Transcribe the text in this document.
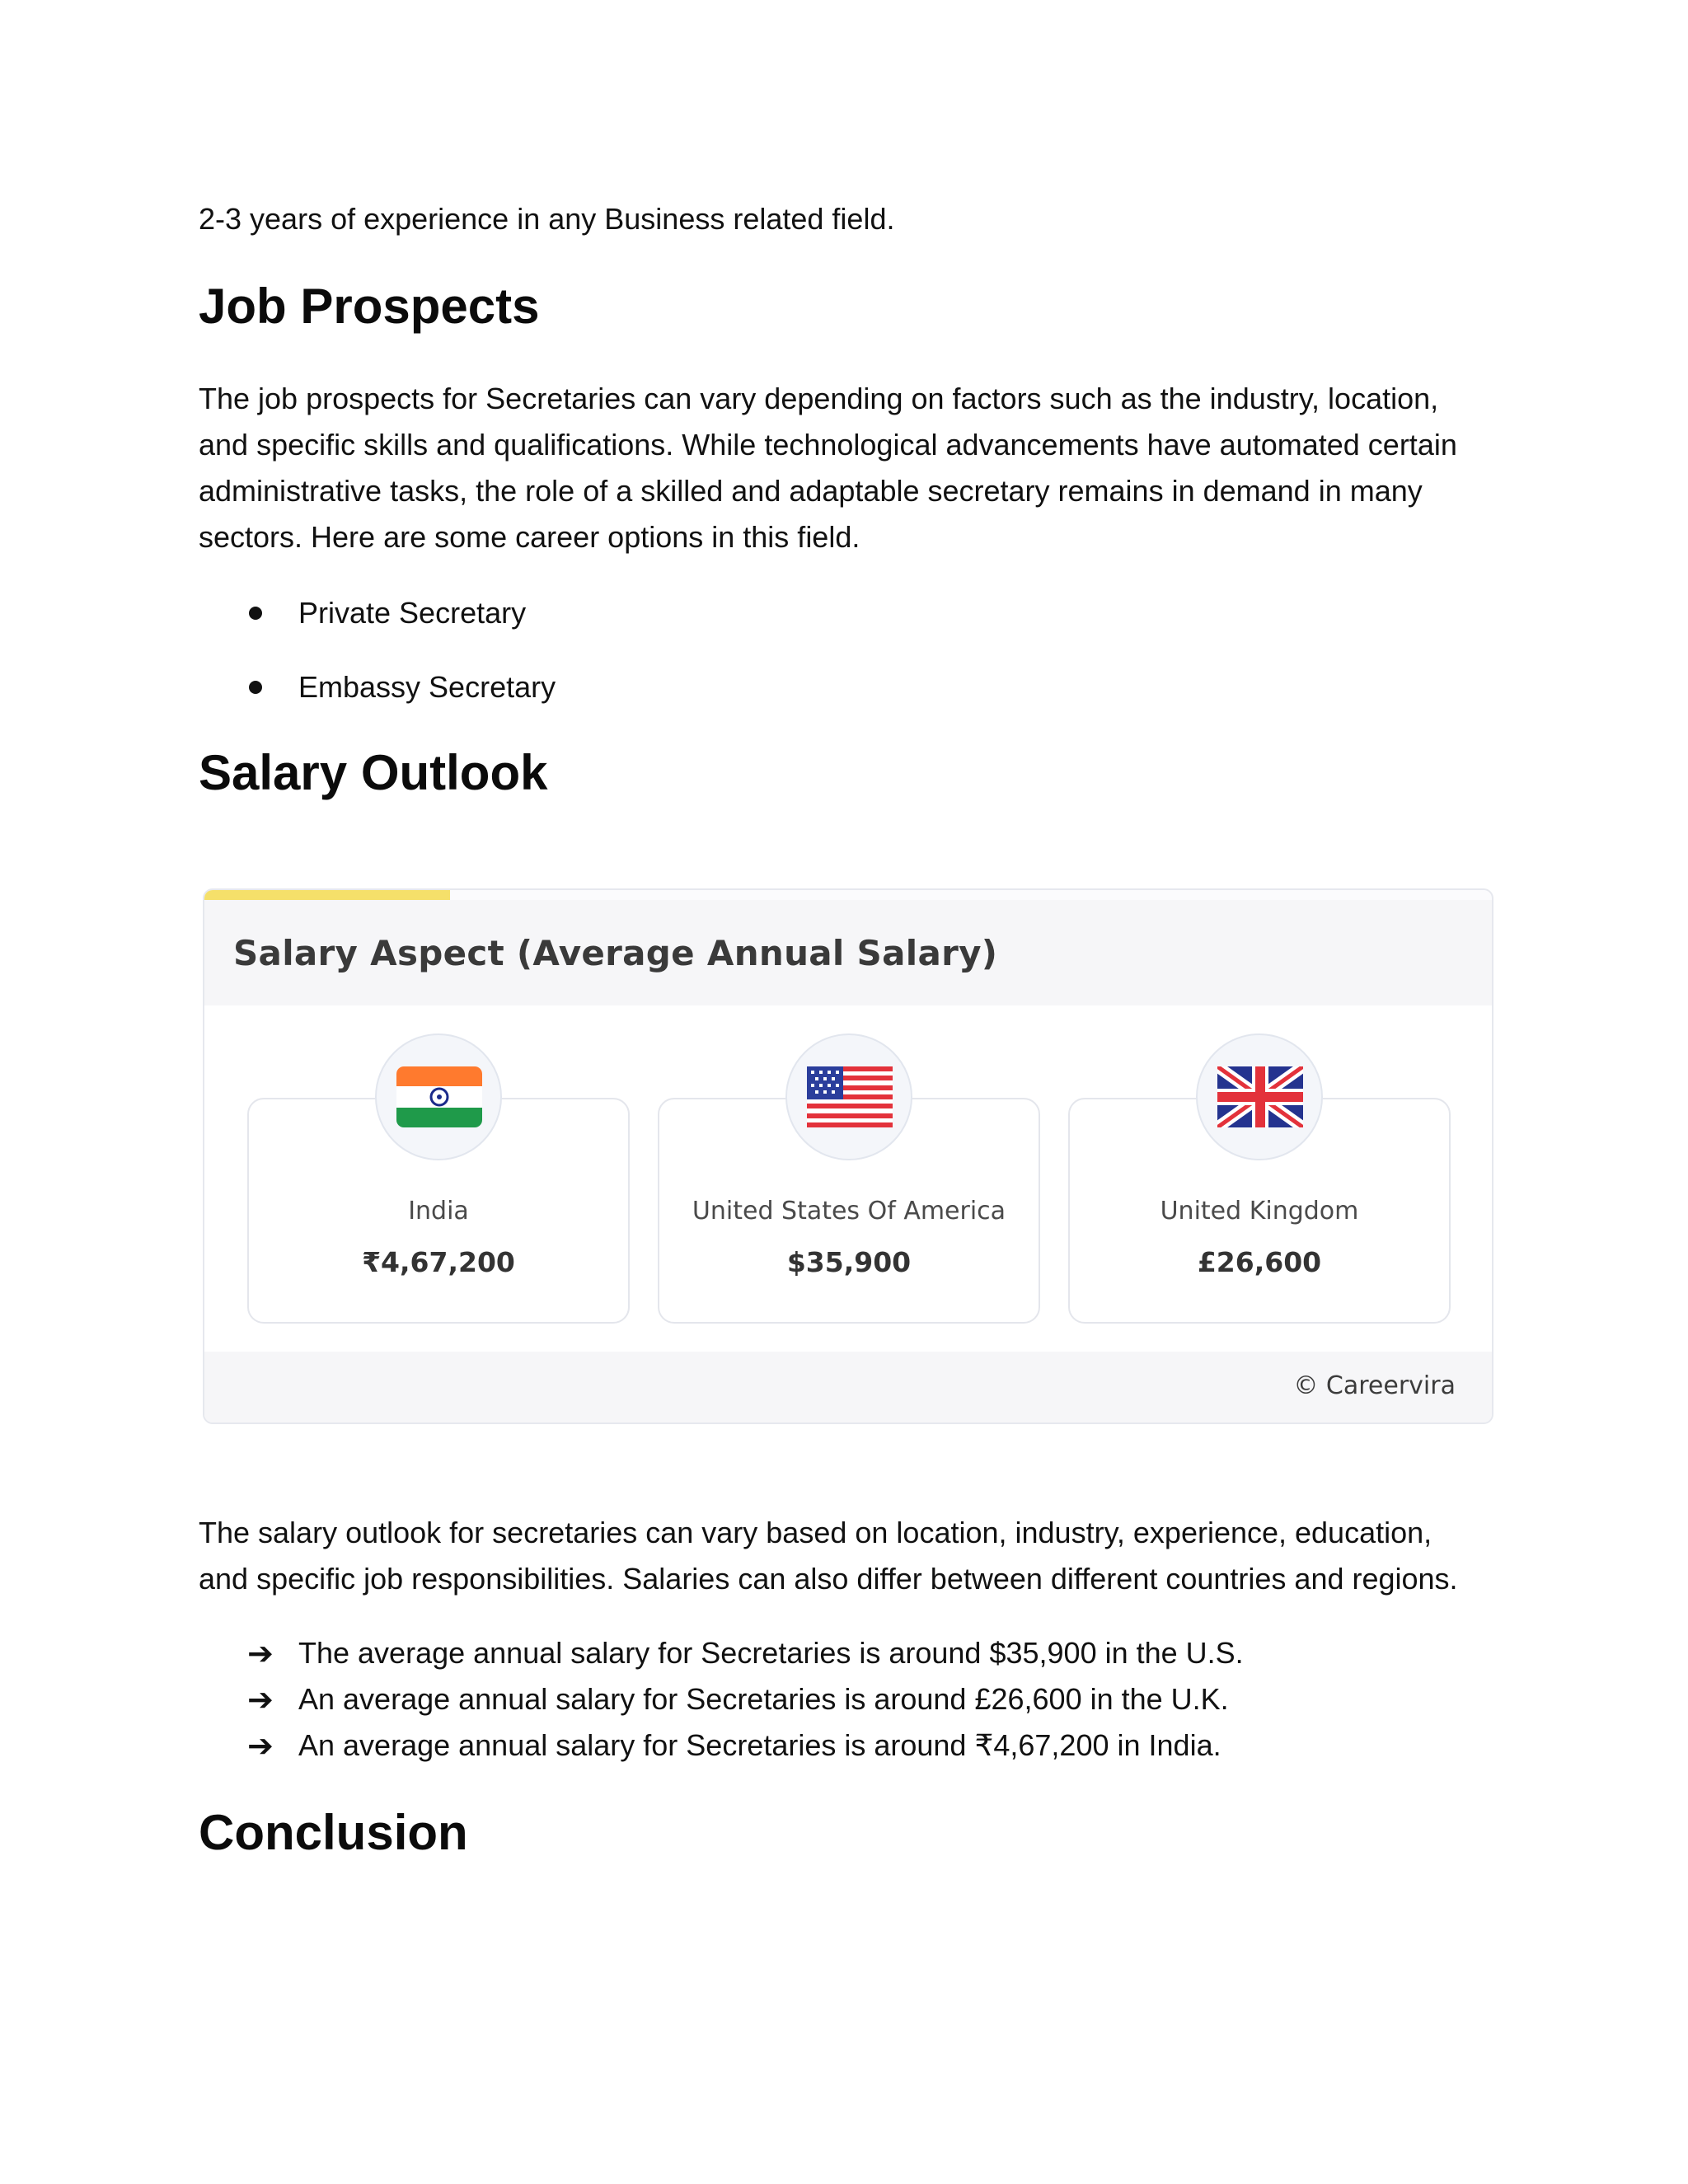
2-3 years of experience in any Business related field.

Job Prospects

The job prospects for Secretaries can vary depending on factors such as the industry, location,

and specific skills and qualifications. While technological advancements have automated certain

administrative tasks, the role of a skilled and adaptable secretary remains in demand in many

sectors. Here are some career options in this field.

Private Secretary
Embassy Secretary
Salary Outlook
Salary Aspect (Average Annual Salary)
© Careervira
India
₹4,67,200
United States Of America
$35,900
United Kingdom
£26,600

The salary outlook for secretaries can vary based on location, industry, experience, education,

and specific job responsibilities. Salaries can also differ between different countries and regions.

➔ The average annual salary for Secretaries is around $35,900 in the U.S.
➔ An average annual salary for Secretaries is around £26,600 in the U.K.
➔ An average annual salary for Secretaries is around ₹4,67,200 in India.
Conclusion
